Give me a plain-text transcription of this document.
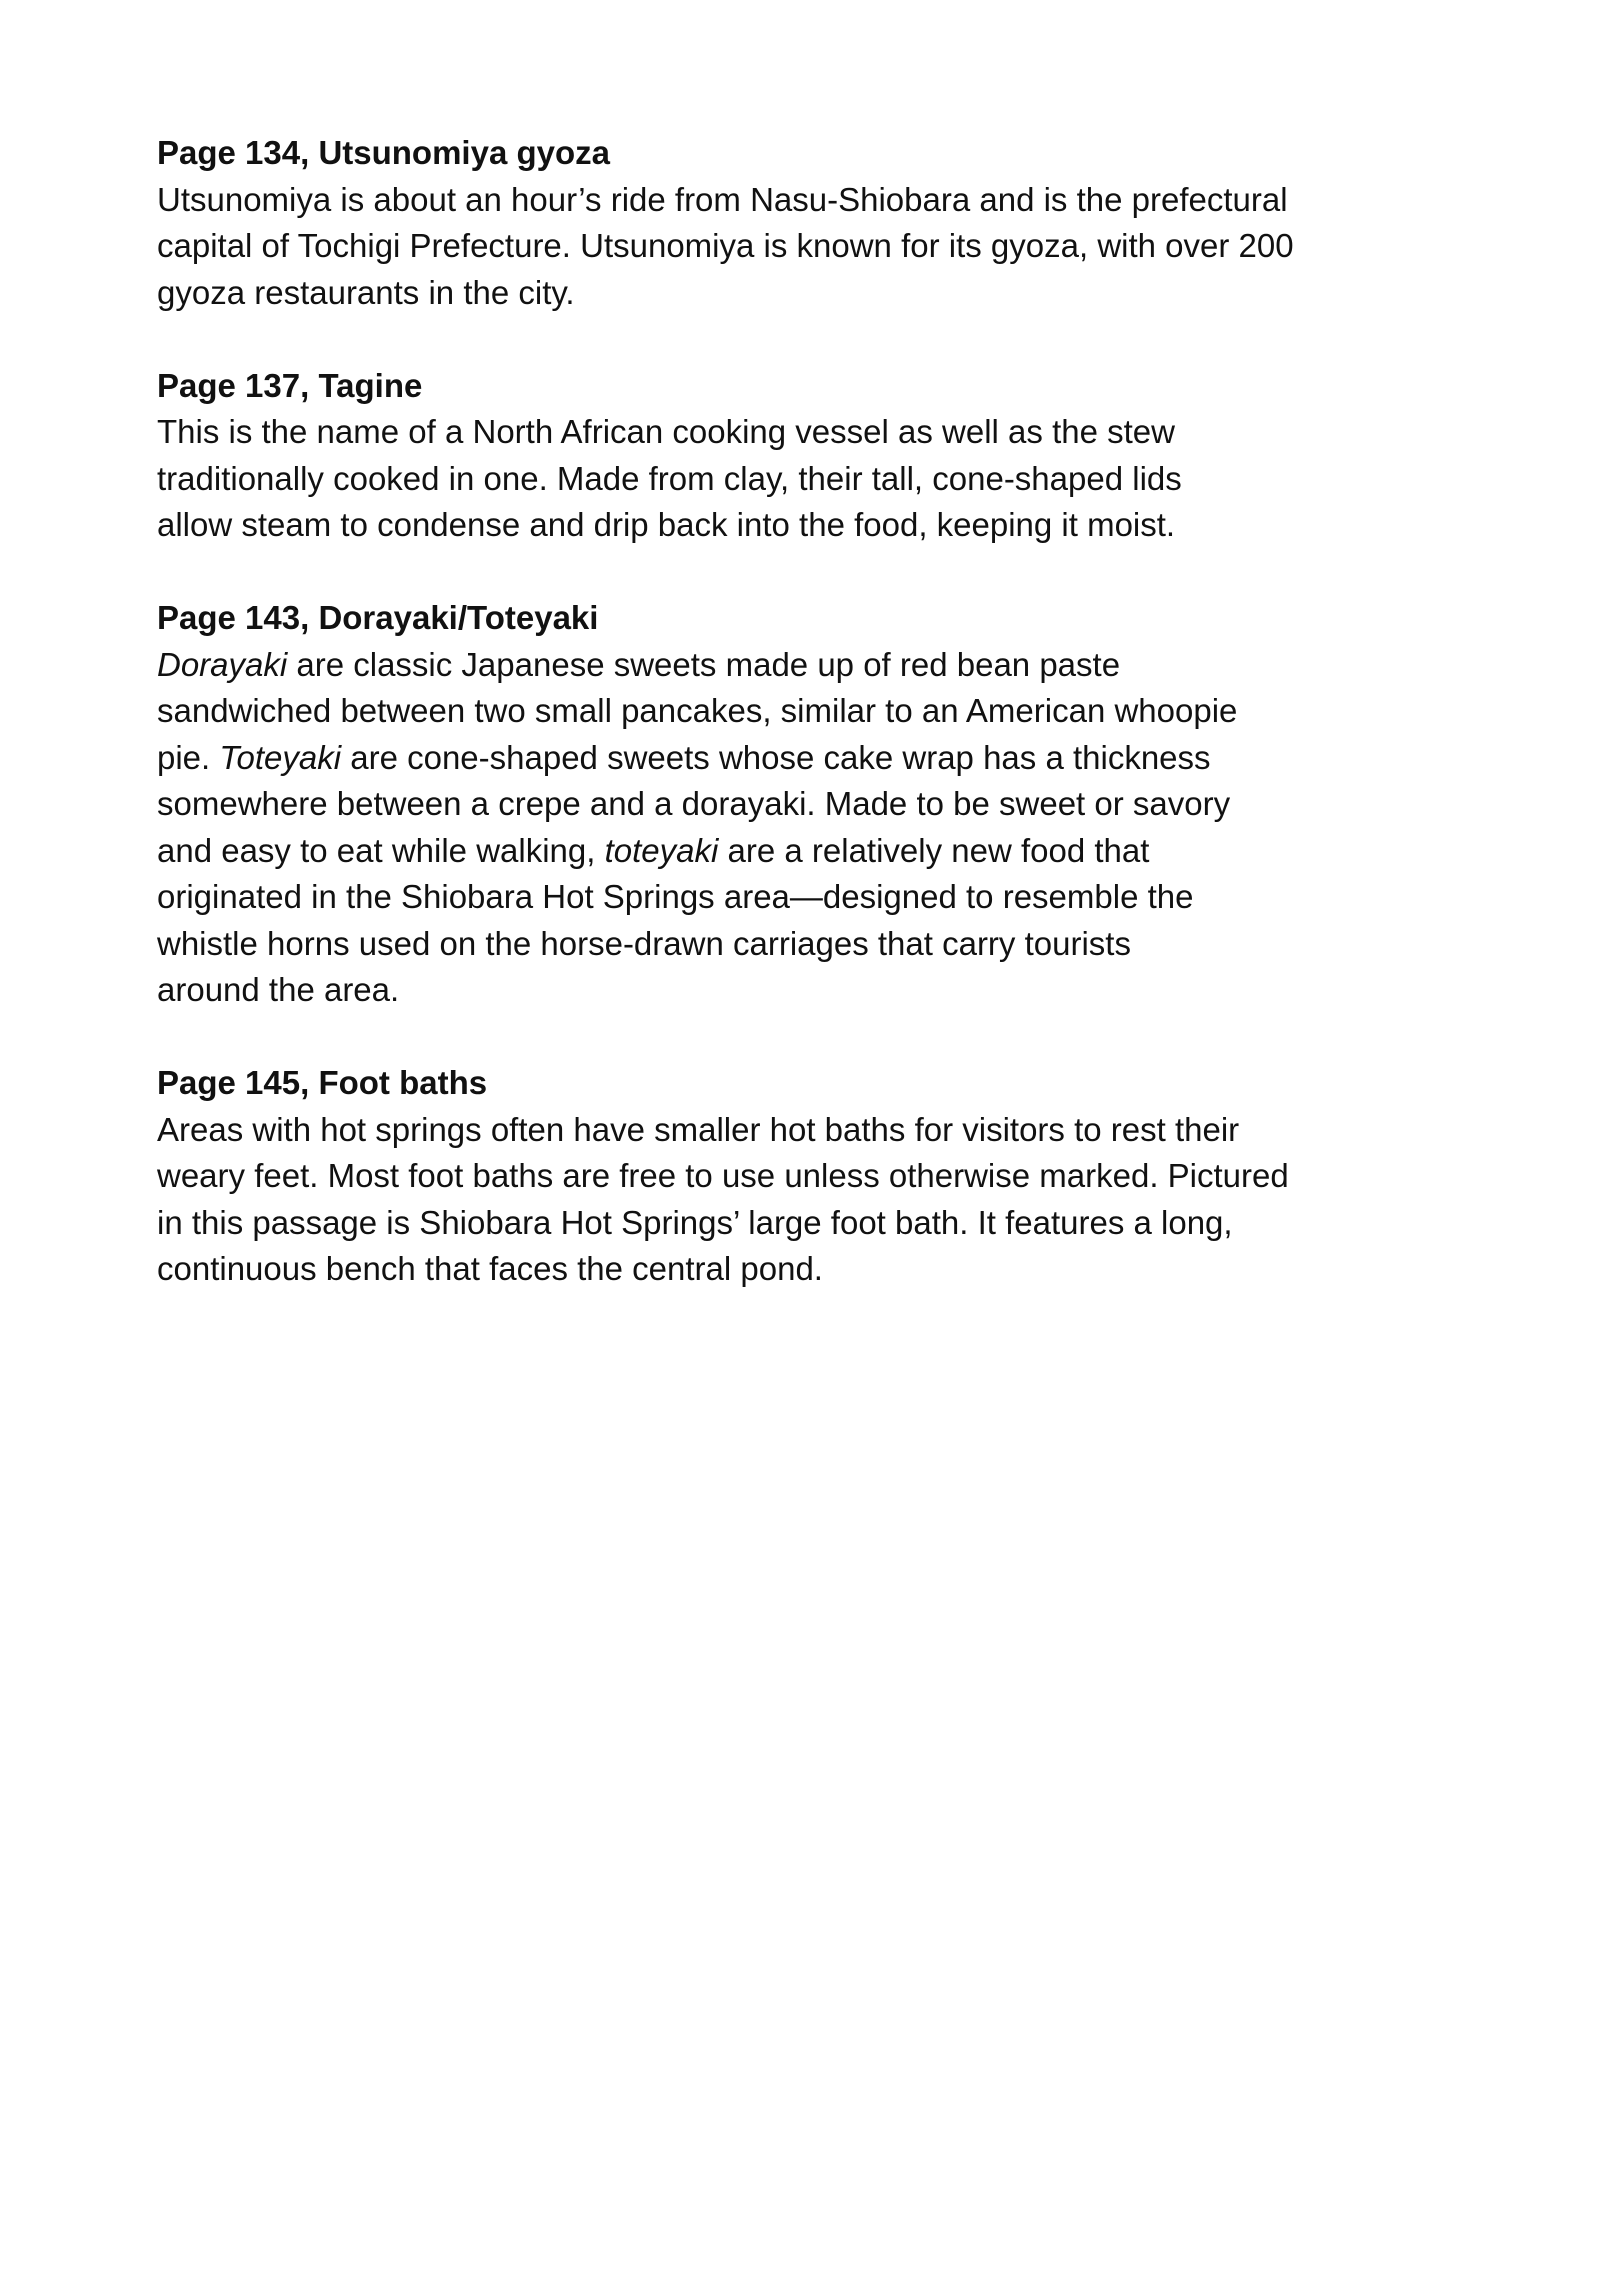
Page 134, Utsunomiya gyoza
Utsunomiya is about an hour’s ride from Nasu-Shiobara and is the prefectural
capital of Tochigi Prefecture. Utsunomiya is known for its gyoza, with over 200
gyoza restaurants in the city.
Page 137, Tagine
This is the name of a North African cooking vessel as well as the stew
traditionally cooked in one. Made from clay, their tall, cone-shaped lids
allow steam to condense and drip back into the food, keeping it moist.
Page 143, Dorayaki/Toteyaki
Dorayaki are classic Japanese sweets made up of red bean paste
sandwiched between two small pancakes, similar to an American whoopie
pie. Toteyaki are cone-shaped sweets whose cake wrap has a thickness
somewhere between a crepe and a dorayaki. Made to be sweet or savory
and easy to eat while walking, toteyaki are a relatively new food that
originated in the Shiobara Hot Springs area—designed to resemble the
whistle horns used on the horse-drawn carriages that carry tourists
around the area.
Page 145, Foot baths
Areas with hot springs often have smaller hot baths for visitors to rest their
weary feet. Most foot baths are free to use unless otherwise marked. Pictured
in this passage is Shiobara Hot Springs’ large foot bath. It features a long,
continuous bench that faces the central pond.
